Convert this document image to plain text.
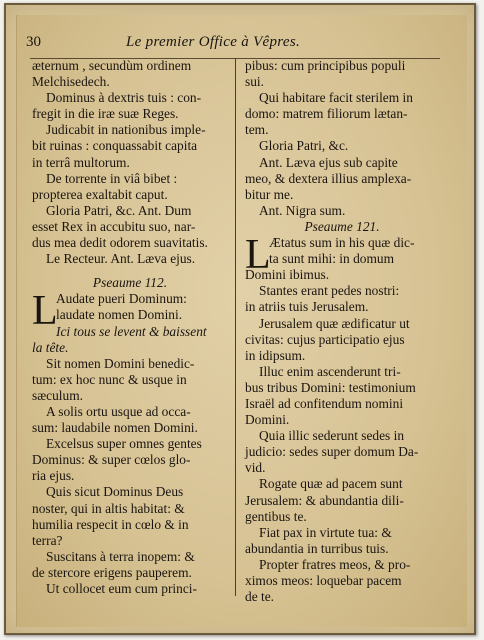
30	Le premier Office à Vêpres.
æternum , secundùm ordinem
Melchisedech.
Dominus à dextris tuis : con-
fregit in die iræ suæ Reges.
Judicabit in nationibus imple-
bit ruinas : conquassabit capita
in terrâ multorum.
De torrente in viâ bibet :
propterea exaltabit caput.
Gloria Patri, &c. Ant. Dum
esset Rex in accubitu suo, nar-
dus mea dedit odorem suavitatis.
Le Recteur. Ant. Læva ejus.
Pseaume 112.
L
Audate pueri Dominum:
laudate nomen Domini.
Ici tous se levent & baissent
la tête.
Sit nomen Domini benedic-
tum: ex hoc nunc & usque in
sæculum.
A solis ortu usque ad occa-
sum: laudabile nomen Domini.
Excelsus super omnes gentes
Dominus: & super cœlos glo-
ria ejus.
Quis sicut Dominus Deus
noster, qui in altis habitat: &
humilia respecit in cœlo & in
terra?
Suscitans à terra inopem: &
de stercore erigens pauperem.
Ut collocet eum cum princi-
pibus: cum principibus populi
sui.
Qui habitare facit sterilem in
domo: matrem filiorum lætan-
tem.
Gloria Patri, &c.
Ant. Læva ejus sub capite
meo, & dextera illius amplexa-
bitur me.
Ant. Nigra sum.
Pseaume 121.
L
Ætatus sum in his quæ dic-
ta sunt mihi: in domum
Domini ibimus.
Stantes erant pedes nostri:
in atriis tuis Jerusalem.
Jerusalem quæ ædificatur ut
civitas: cujus participatio ejus
in idipsum.
Illuc enim ascenderunt tri-
bus tribus Domini: testimonium
Israël ad confitendum nomini
Domini.
Quia illic sederunt sedes in
judicio: sedes super domum Da-
vid.
Rogate quæ ad pacem sunt
Jerusalem: & abundantia dili-
gentibus te.
Fiat pax in virtute tua: &
abundantia in turribus tuis.
Propter fratres meos, & pro-
ximos meos: loquebar pacem
de te.
